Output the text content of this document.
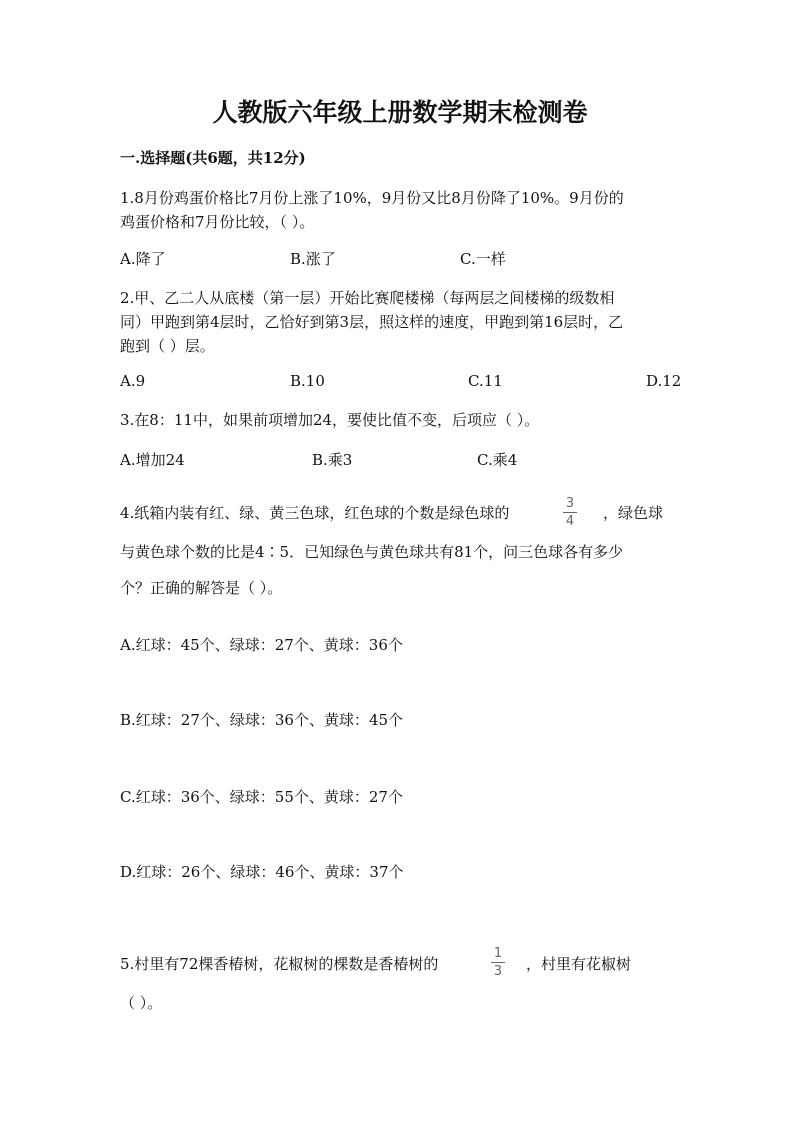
人教版六年级上册数学期末检测卷
一.选择题(共6题，共12分)
1.8月份鸡蛋价格比7月份上涨了10%，9月份又比8月份降了10%。9月份的
鸡蛋价格和7月份比较，（ ）。
A.降了	B.涨了	C.一样
2.甲、乙二人从底楼（第一层）开始比赛爬楼梯（每两层之间楼梯的级数相
同）甲跑到第4层时，乙恰好到第3层，照这样的速度，甲跑到第16层时，乙
跑到（ ）层。
A.9	B.10	C.11	D.12
3.在8：11中，如果前项增加24，要使比值不变，后项应（ ）。
A.增加24	B.乘3	C.乘4
4.纸箱内装有红、绿、黄三色球，红色球的个数是绿色球的
3
4 ，绿色球
与黄色球个数的比是4∶5．已知绿色与黄色球共有81个，问三色球各有多少
个？正确的解答是（ ）。
A.红球：45个、绿球：27个、黄球：36个
B.红球：27个、绿球：36个、黄球：45个
C.红球：36个、绿球：55个、黄球：27个
D.红球：26个、绿球：46个、黄球：37个
5.村里有72棵香椿树，花椒树的棵数是香椿树的
1
3 ，村里有花椒树
（ ）。
